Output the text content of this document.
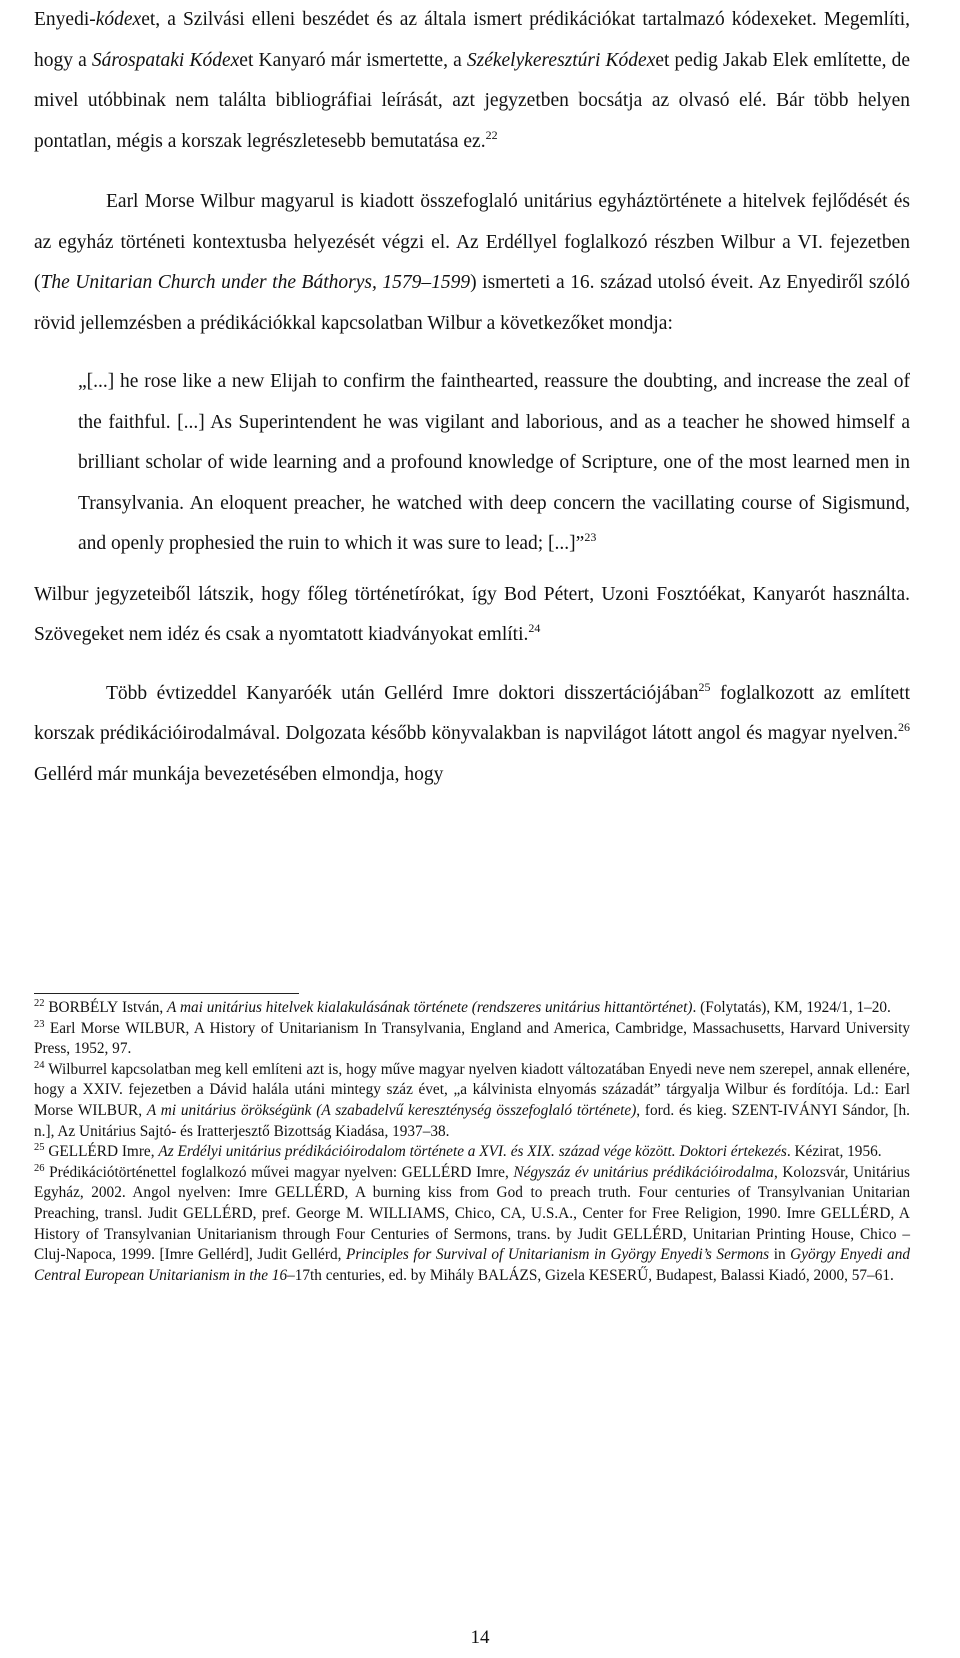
Enyedi-kódexet, a Szilvási elleni beszédet és az általa ismert prédikációkat tartalmazó kódexeket. Megemlíti, hogy a Sárospataki Kódexet Kanyaró már ismertette, a Székelykeresztúri Kódexet pedig Jakab Elek említette, de mivel utóbbinak nem találta bibliográfiai leírását, azt jegyzetben bocsátja az olvasó elé. Bár több helyen pontatlan, mégis a korszak legrészletesebb bemutatása ez.$^{22}$

Earl Morse Wilbur magyarul is kiadott összefoglaló unitárius egyháztörténete a hitelvek fejlődését és az egyház történeti kontextusba helyezését végzi el. Az Erdéllyel foglalkozó részben Wilbur a VI. fejezetben (The Unitarian Church under the Báthorys, 1579–1599) ismerteti a 16. század utolsó éveit. Az Enyediről szóló rövid jellemzésben a prédikációkkal kapcsolatban Wilbur a következőket mondja:

„[...] he rose like a new Elijah to confirm the fainthearted, reassure the doubting, and increase the zeal of the faithful. [...] As Superintendent he was vigilant and laborious, and as a teacher he showed himself a brilliant scholar of wide learning and a profound knowledge of Scripture, one of the most learned men in Transylvania. An eloquent preacher, he watched with deep concern the vacillating course of Sigismund, and openly prophesied the ruin to which it was sure to lead; [...]”$^{23}$

Wilbur jegyzeteiből látszik, hogy főleg történetírókat, így Bod Pétert, Uzoni Fosztóékat, Kanyarót használta. Szövegeket nem idéz és csak a nyomtatott kiadványokat említi.$^{24}$

Több évtizeddel Kanyaróék után Gellérd Imre doktori disszertációjában$^{25}$ foglalkozott az említett korszak prédikációirodalmával. Dolgozata később könyvalakban is napvilágot látott angol és magyar nyelven.$^{26}$ Gellérd már munkája bevezetésében elmondja, hogy

$^{22}$ BORBÉLY István, A mai unitárius hitelvek kialakulásának története (rendszeres unitárius hittantörténet). (Folytatás), KM, 1924/1, 1–20.

$^{23}$ Earl Morse WILBUR, A History of Unitarianism In Transylvania, England and America, Cambridge, Massachusetts, Harvard University Press, 1952, 97.

$^{24}$ Wilburrel kapcsolatban meg kell említeni azt is, hogy műve magyar nyelven kiadott változatában Enyedi neve nem szerepel, annak ellenére, hogy a XXIV. fejezetben a Dávid halála utáni mintegy száz évet, „a kálvinista elnyomás századát” tárgyalja Wilbur és fordítója. Ld.: Earl Morse WILBUR, A mi unitárius örökségünk (A szabadelvű kereszténység összefoglaló története), ford. és kieg. SZENT-IVÁNYI Sándor, [h. n.], Az Unitárius Sajtó- és Iratterjesztő Bizottság Kiadása, 1937–38.

$^{25}$ GELLÉRD Imre, Az Erdélyi unitárius prédikációirodalom története a XVI. és XIX. század vége között. Doktori értekezés. Kézirat, 1956.

$^{26}$ Prédikációtörténettel foglalkozó művei magyar nyelven: GELLÉRD Imre, Négyszáz év unitárius prédikációirodalma, Kolozsvár, Unitárius Egyház, 2002. Angol nyelven: Imre GELLÉRD, A burning kiss from God to preach truth. Four centuries of Transylvanian Unitarian Preaching, transl. Judit GELLÉRD, pref. George M. WILLIAMS, Chico, CA, U.S.A., Center for Free Religion, 1990. Imre GELLÉRD, A History of Transylvanian Unitarianism through Four Centuries of Sermons, trans. by Judit GELLÉRD, Unitarian Printing House, Chico – Cluj-Napoca, 1999. [Imre Gellérd], Judit Gellérd, Principles for Survival of Unitarianism in György Enyedi’s Sermons in György Enyedi and Central European Unitarianism in the 16–17th centuries, ed. by Mihály BALÁZS, Gizela KESERŰ, Budapest, Balassi Kiadó, 2000, 57–61.

14
